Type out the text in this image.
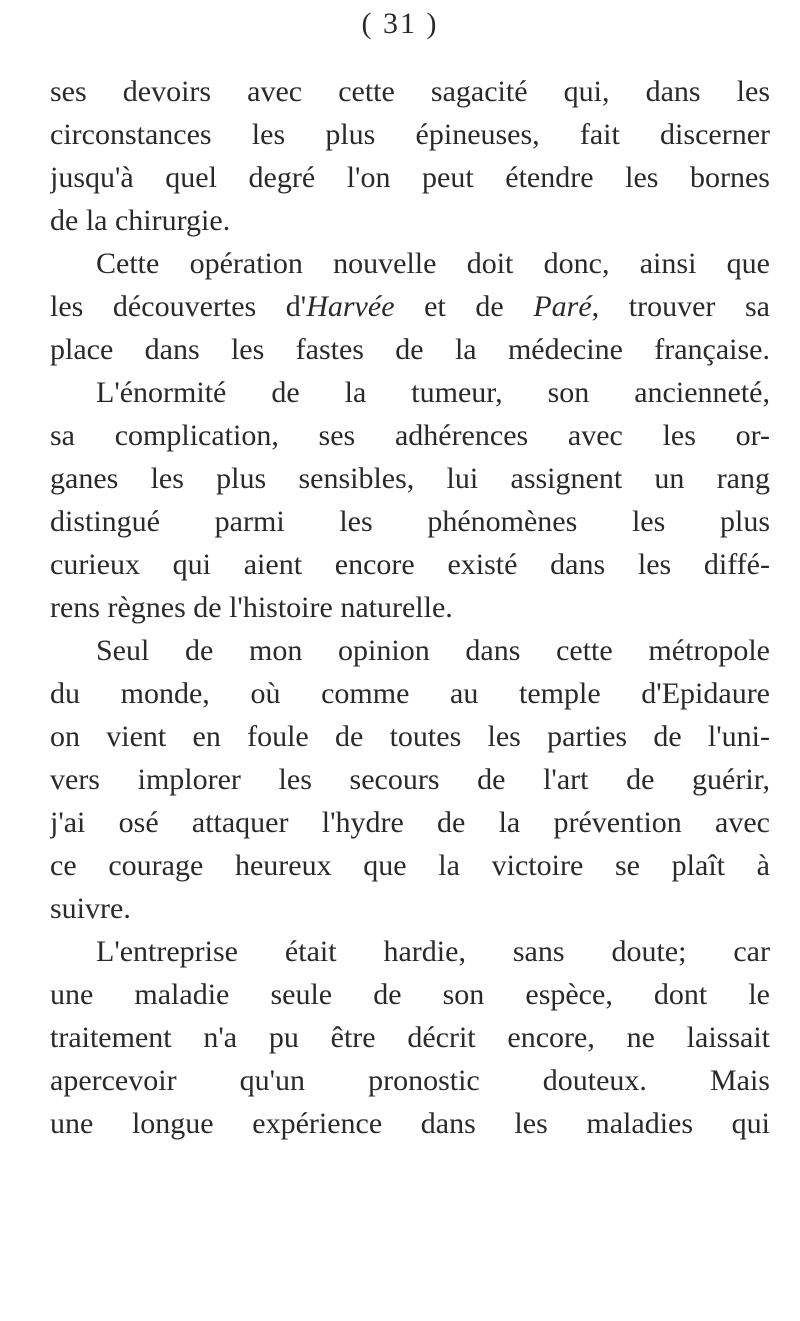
( 31 )
ses devoirs avec cette sagacité qui, dans les
circonstances les plus épineuses, fait discerner
jusqu'à quel degré l'on peut étendre les bornes
de la chirurgie.
Cette opération nouvelle doit donc, ainsi que
les découvertes d'Harvée et de Paré, trouver sa
place dans les fastes de la médecine française.
L'énormité de la tumeur, son ancienneté,
sa complication, ses adhérences avec les or-
ganes les plus sensibles, lui assignent un rang
distingué parmi les phénomènes les plus
curieux qui aient encore existé dans les diffé-
rens règnes de l'histoire naturelle.
Seul de mon opinion dans cette métropole
du monde, où comme au temple d'Epidaure
on vient en foule de toutes les parties de l'uni-
vers implorer les secours de l'art de guérir,
j'ai osé attaquer l'hydre de la prévention avec
ce courage heureux que la victoire se plaît à
suivre.
L'entreprise était hardie, sans doute; car
une maladie seule de son espèce, dont le
traitement n'a pu être décrit encore, ne laissait
apercevoir qu'un pronostic douteux. Mais
une longue expérience dans les maladies qui
